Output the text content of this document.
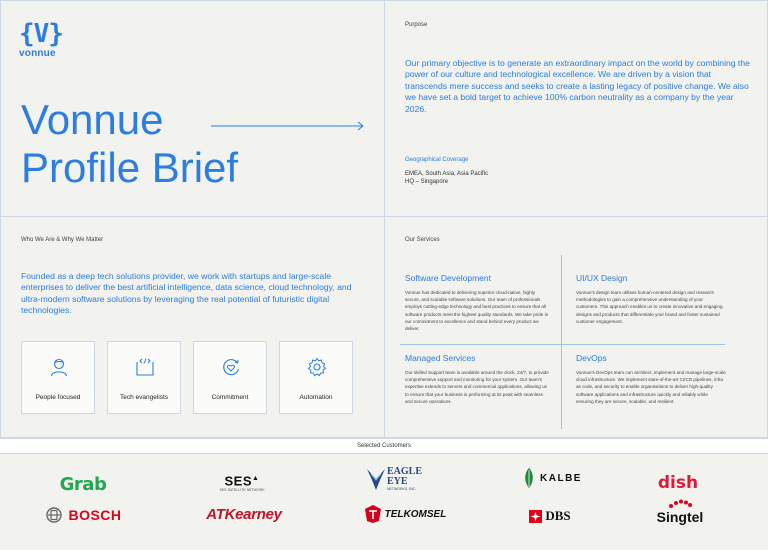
{V}
vonnue
Vonnue
Profile Brief
Purpose
Our primary objective is to generate an extraordinary impact on the world by combining the power of our culture and technological excellence. We are driven by a vision that transcends mere success and seeks to create a lasting legacy of positive change. We also we have set a bold target to achieve 100% carbon neutrality as a company by the year 2026.
Geographical Coverage
EMEA, South Asia, Asia Pacific
HQ – Singapore
Who We Are & Why We Matter
Founded as a deep tech solutions provider, we work with startups and large-scale enterprises to deliver the best artificial intelligence, data science, cloud technology, and ultra-modern software solutions by leveraging the real potential of futuristic digital technologies.
People focused	Tech evangelists	Commitment	Automation
Our Services
Software Development
Vonnue has dedicated to delivering superior cloud-native, highly secure, and scalable software solutions. Our team of professionals employs cutting-edge technology and best practices to ensure that all software products meet the highest quality standards. We take pride in our commitment to excellence and stand behind every product we deliver.
UI/UX Design
Vonnue's design team utilises human-centered design and research methodologies to gain a comprehensive understanding of your customers. This approach enables us to create innovative and engaging designs and products that differentiate your brand and foster sustained customer engagement.
Managed Services
Our skilled Support team is available around the clock, 24/7, to provide comprehensive support and monitoring for your system. Our team's expertise extends to servers and commercial applications, allowing us to ensure that your business is performing at its peak with seamless and secure operations.
DevOps
Vonnue's DevOps team can architect, implement and manage large-scale cloud infrastructure. We implement state-of-the-art CI/CD pipelines, infra as code, and security to enable organisations to deliver high-quality software applications and infrastructure quickly and reliably while ensuring they are secure, scalable, and resilient.
Selected Customers
Grab	SES▲
SES SATELLITE NETWORK
EAGLE EYE
NETWORKS, INC.
KALBE	dish
BOSCH	ATKearney	TELKOMSEL	DBS	Singtel
